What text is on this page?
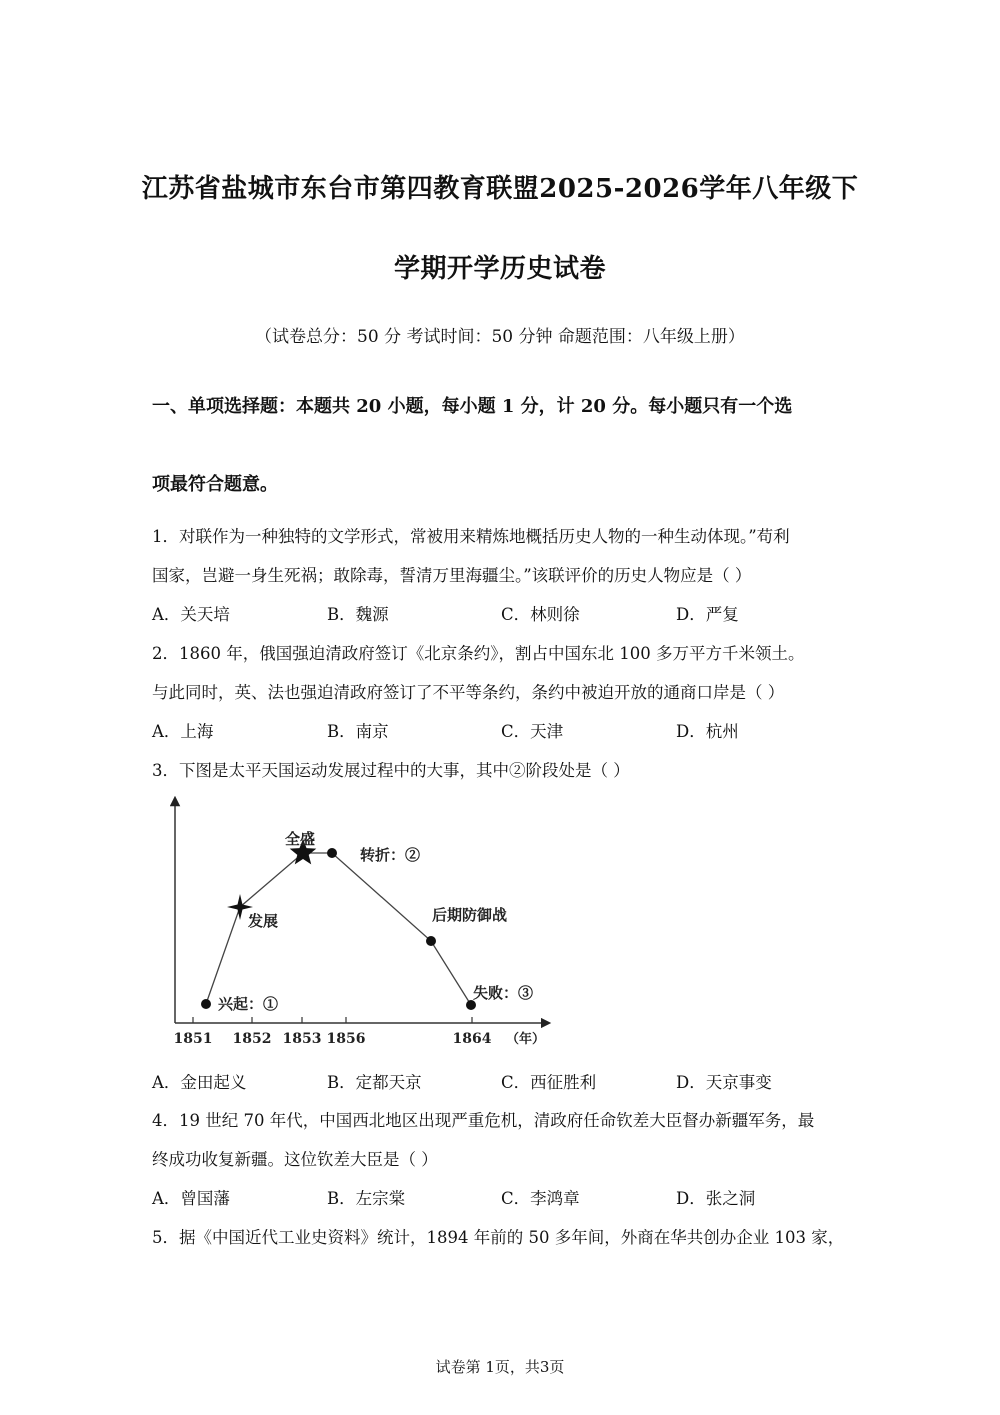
江苏省盐城市东台市第四教育联盟2025-2026学年八年级下
学期开学历史试卷
（试卷总分：50 分 考试时间：50 分钟 命题范围：八年级上册）
一、单项选择题：本题共 20 小题，每小题 1 分，计 20 分。每小题只有一个选
项最符合题意。
1．对联作为一种独特的文学形式，常被用来精炼地概括历史人物的一种生动体现。”苟利
国家，岂避一身生死祸；敢除毒，誓清万里海疆尘。”该联评价的历史人物应是（ ）
A．关天培	B．魏源	C．林则徐	D．严复
2．1860 年，俄国强迫清政府签订《北京条约》，割占中国东北 100 多万平方千米领土。
与此同时，英、法也强迫清政府签订了不平等条约，条约中被迫开放的通商口岸是（ ）
A．上海	B．南京	C．天津	D．杭州
3．下图是太平天国运动发展过程中的大事，其中②阶段处是（ ）
1851 1852 1853 1856	1864
兴起：①
发展
全盛
转折：②
后期防御战
失败：③
（年）
A．金田起义	B．定都天京	C．西征胜利	D．天京事变
4．19 世纪 70 年代，中国西北地区出现严重危机，清政府任命钦差大臣督办新疆军务，最
终成功收复新疆。这位钦差大臣是（ ）
A．曾国藩	B．左宗棠	C．李鸿章	D．张之洞
5．据《中国近代工业史资料》统计，1894 年前的 50 多年间，外商在华共创办企业 103 家，
试卷第 1页，共3页
